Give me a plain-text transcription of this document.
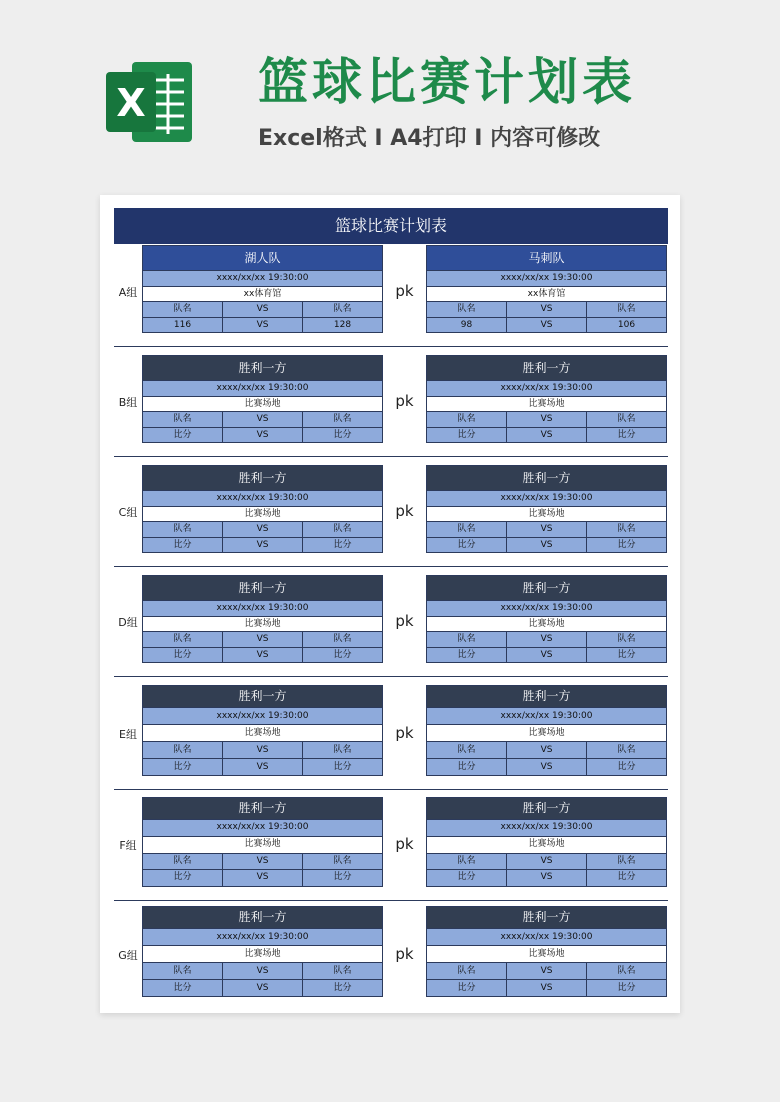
X 篮球比赛计划表
Excel格式 I A4打印 I 内容可修改
篮球比赛计划表
A组	pk
湖人队
xxxx/xx/xx 19:30:00
xx体育馆
队名	VS	队名
116	VS	128
马刺队
xxxx/xx/xx 19:30:00
xx体育馆
队名	VS	队名
98	VS	106
B组	pk
胜利一方
xxxx/xx/xx 19:30:00
比赛场地
队名	VS	队名
比分	VS	比分
胜利一方
xxxx/xx/xx 19:30:00
比赛场地
队名	VS	队名
比分	VS	比分
C组	pk
胜利一方
xxxx/xx/xx 19:30:00
比赛场地
队名	VS	队名
比分	VS	比分
胜利一方
xxxx/xx/xx 19:30:00
比赛场地
队名	VS	队名
比分	VS	比分
D组	pk
胜利一方
xxxx/xx/xx 19:30:00
比赛场地
队名	VS	队名
比分	VS	比分
胜利一方
xxxx/xx/xx 19:30:00
比赛场地
队名	VS	队名
比分	VS	比分
E组	pk
胜利一方
xxxx/xx/xx 19:30:00
比赛场地
队名	VS	队名
比分	VS	比分
胜利一方
xxxx/xx/xx 19:30:00
比赛场地
队名	VS	队名
比分	VS	比分
F组	pk
胜利一方
xxxx/xx/xx 19:30:00
比赛场地
队名	VS	队名
比分	VS	比分
胜利一方
xxxx/xx/xx 19:30:00
比赛场地
队名	VS	队名
比分	VS	比分
G组	pk
胜利一方
xxxx/xx/xx 19:30:00
比赛场地
队名	VS	队名
比分	VS	比分
胜利一方
xxxx/xx/xx 19:30:00
比赛场地
队名	VS	队名
比分	VS	比分
